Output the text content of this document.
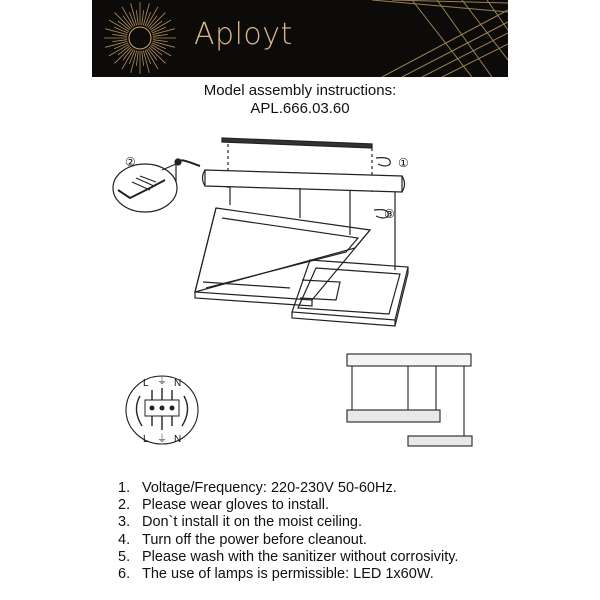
Aployt
Model assembly instructions:
APL.666.03.60
②	①
③
L ⏚ N
L ⏚ N
1. Voltage/Frequency: 220-230V 50-60Hz.
2. Please wear gloves to install.
3. Don`t install it on the moist ceiling.
4. Turn off the power before cleanout.
5. Please wash with the sanitizer without corrosivity.
6. The use of lamps is permissible: LED 1x60W.
